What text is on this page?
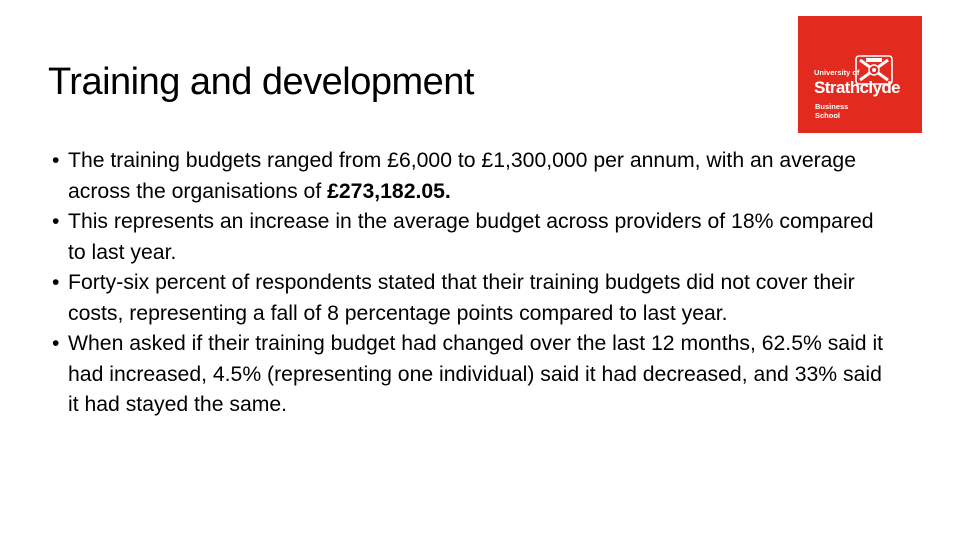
Training and development	University of
Strathclyde
Business
School
• The training budgets ranged from £6,000 to £1,300,000 per annum, with an average across the organisations of £273,182.05.
• This represents an increase in the average budget across providers of 18% compared to last year.
• Forty-six percent of respondents stated that their training budgets did not cover their costs, representing a fall of 8 percentage points compared to last year.
• When asked if their training budget had changed over the last 12 months, 62.5% said it had increased, 4.5% (representing one individual) said it had decreased, and 33% said it had stayed the same.
